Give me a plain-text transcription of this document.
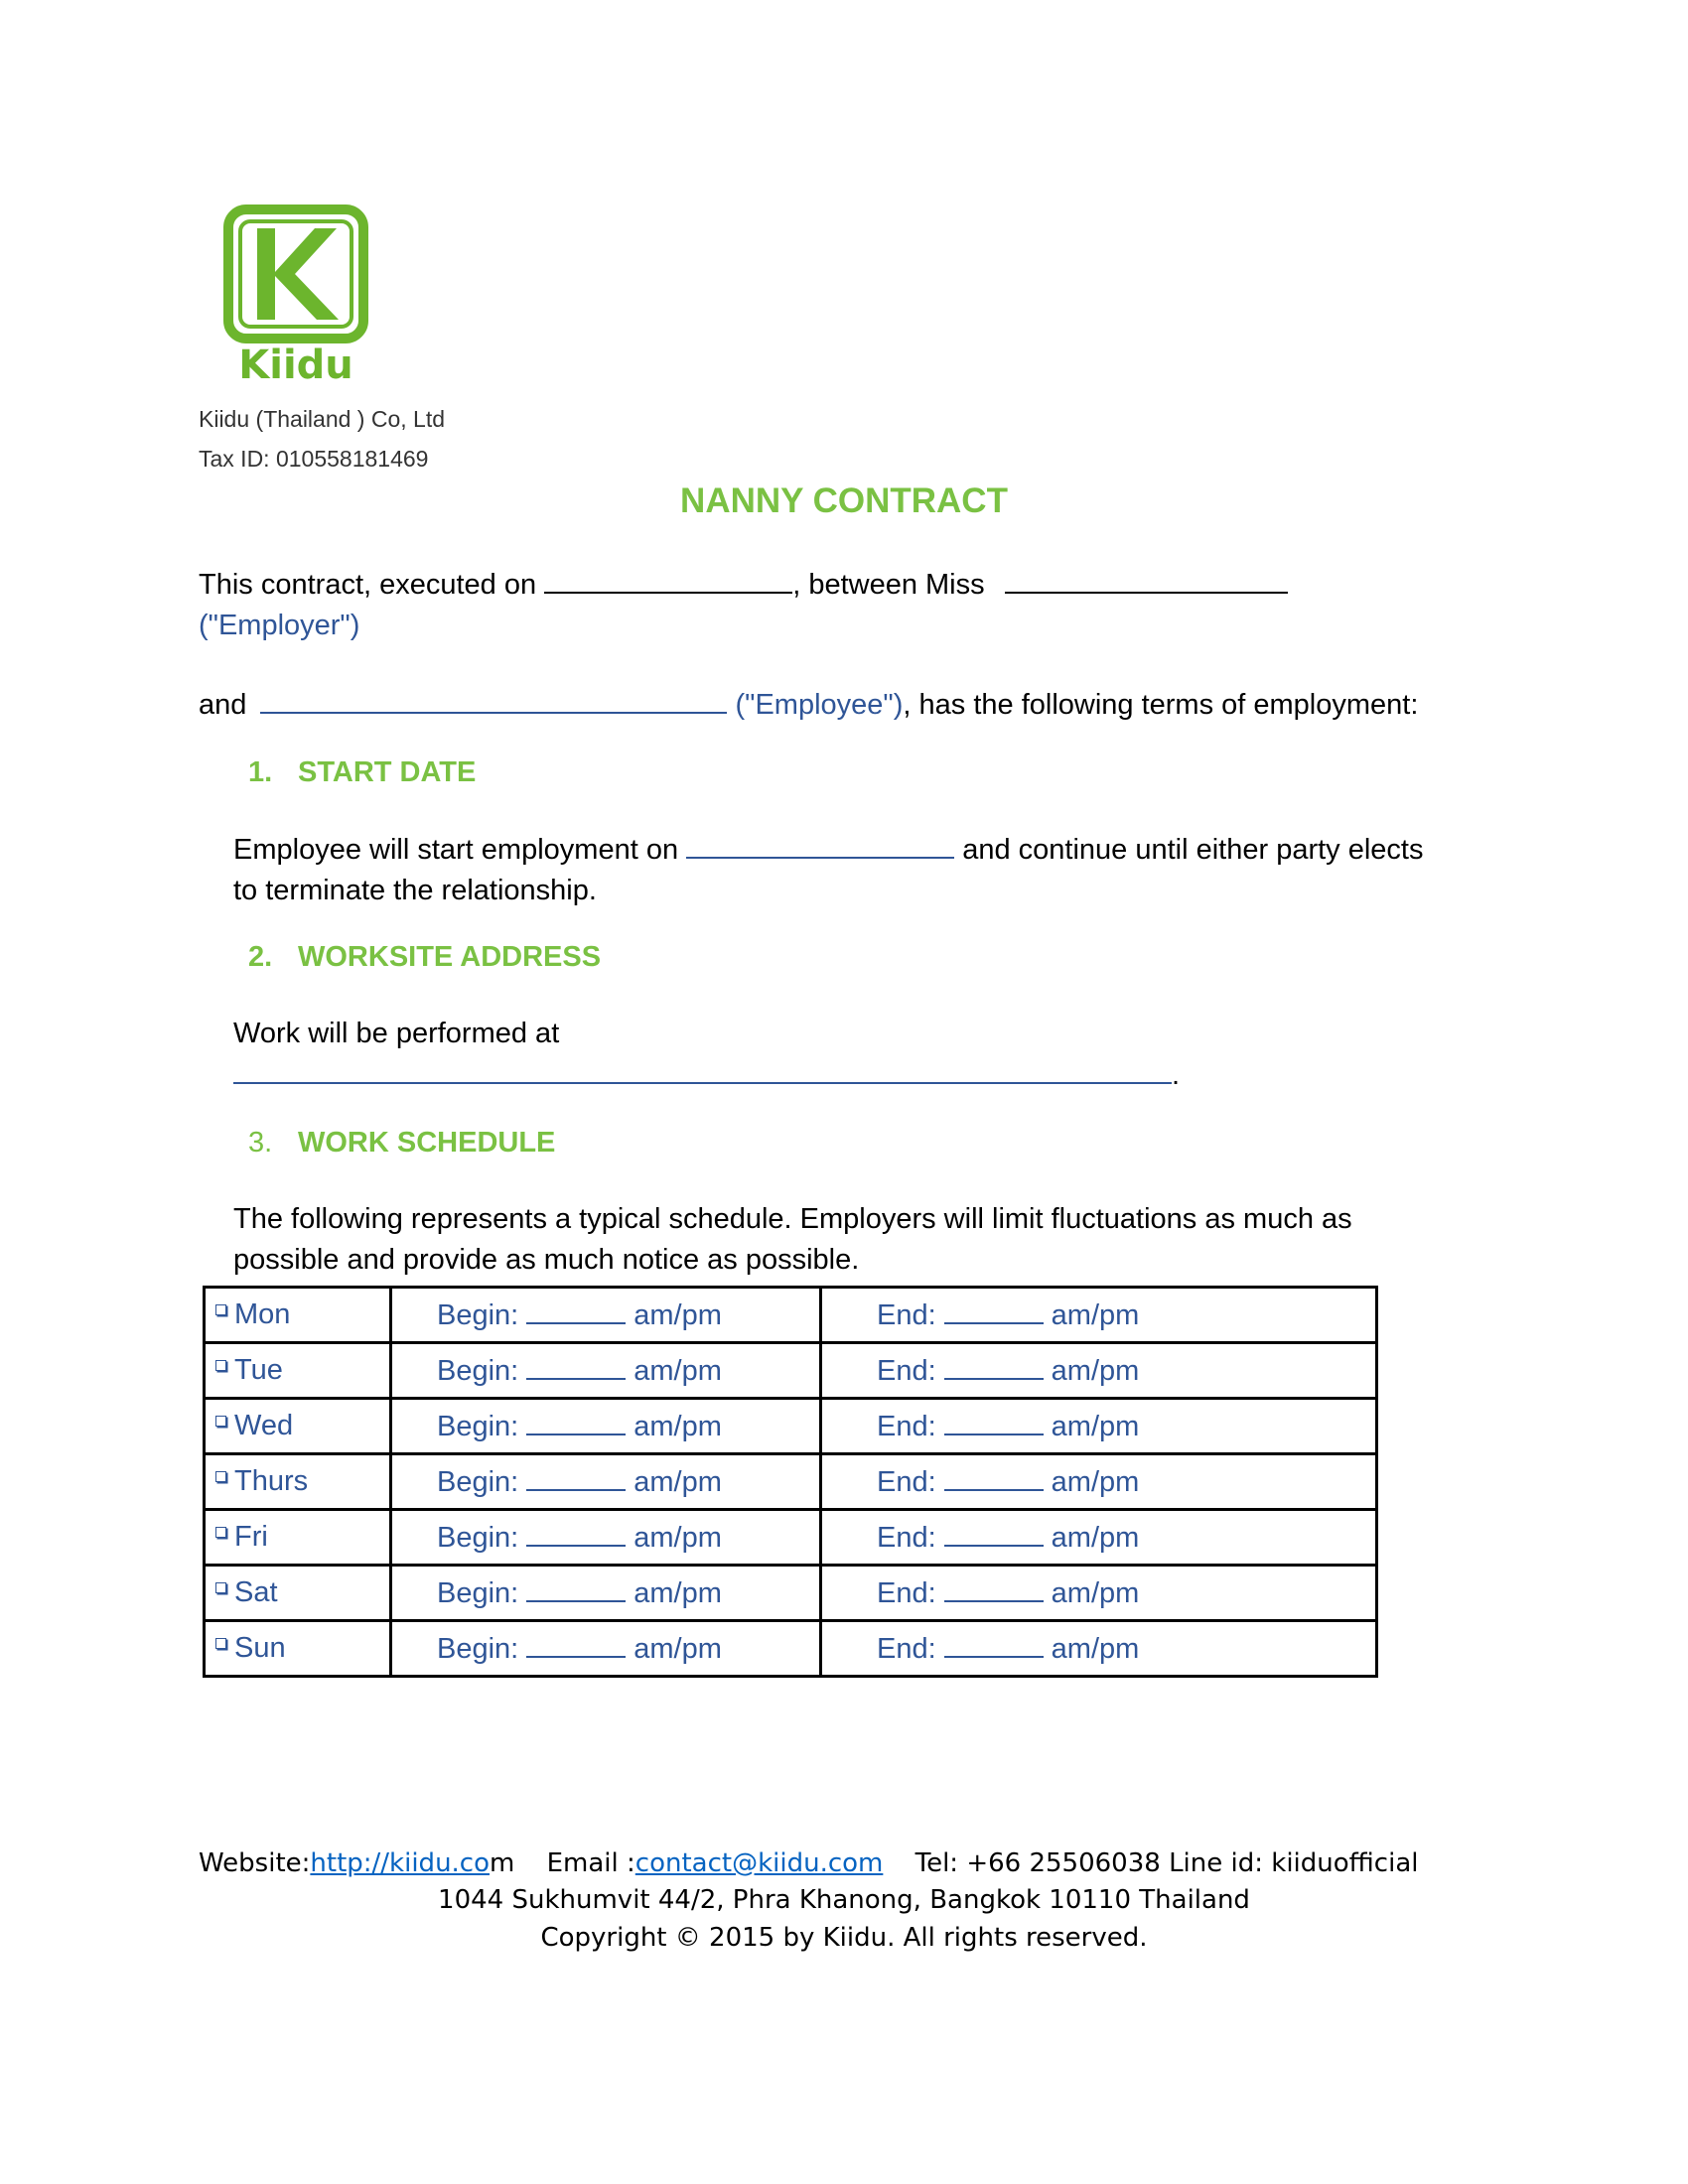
Kiidu
Kiidu (Thailand ) Co, Ltd
Tax ID: 010558181469
NANNY CONTRACT
This contract, executed on	, between Miss
("Employer")
and	("Employee"), has the following terms of employment:
1. START DATE
Employee will start employment on	and continue until either party elects
to terminate the relationship.
2. WORKSITE ADDRESS
Work will be performed at
.
3. WORK SCHEDULE
The following represents a typical schedule. Employers will limit fluctuations as much as
possible and provide as much notice as possible.
Mon	Begin: am/pm	End: am/pm
Tue	Begin: am/pm	End: am/pm
Wed	Begin: am/pm	End: am/pm
Thurs	Begin: am/pm	End: am/pm
Fri	Begin: am/pm	End: am/pm
Sat	Begin: am/pm	End: am/pm
Sun	Begin: am/pm	End: am/pm
Website:http://kiidu.com Email :contact@kiidu.com Tel: +66 25506038 Line id: kiiduofficial
1044 Sukhumvit 44/2, Phra Khanong, Bangkok 10110 Thailand
Copyright © 2015 by Kiidu. All rights reserved.
